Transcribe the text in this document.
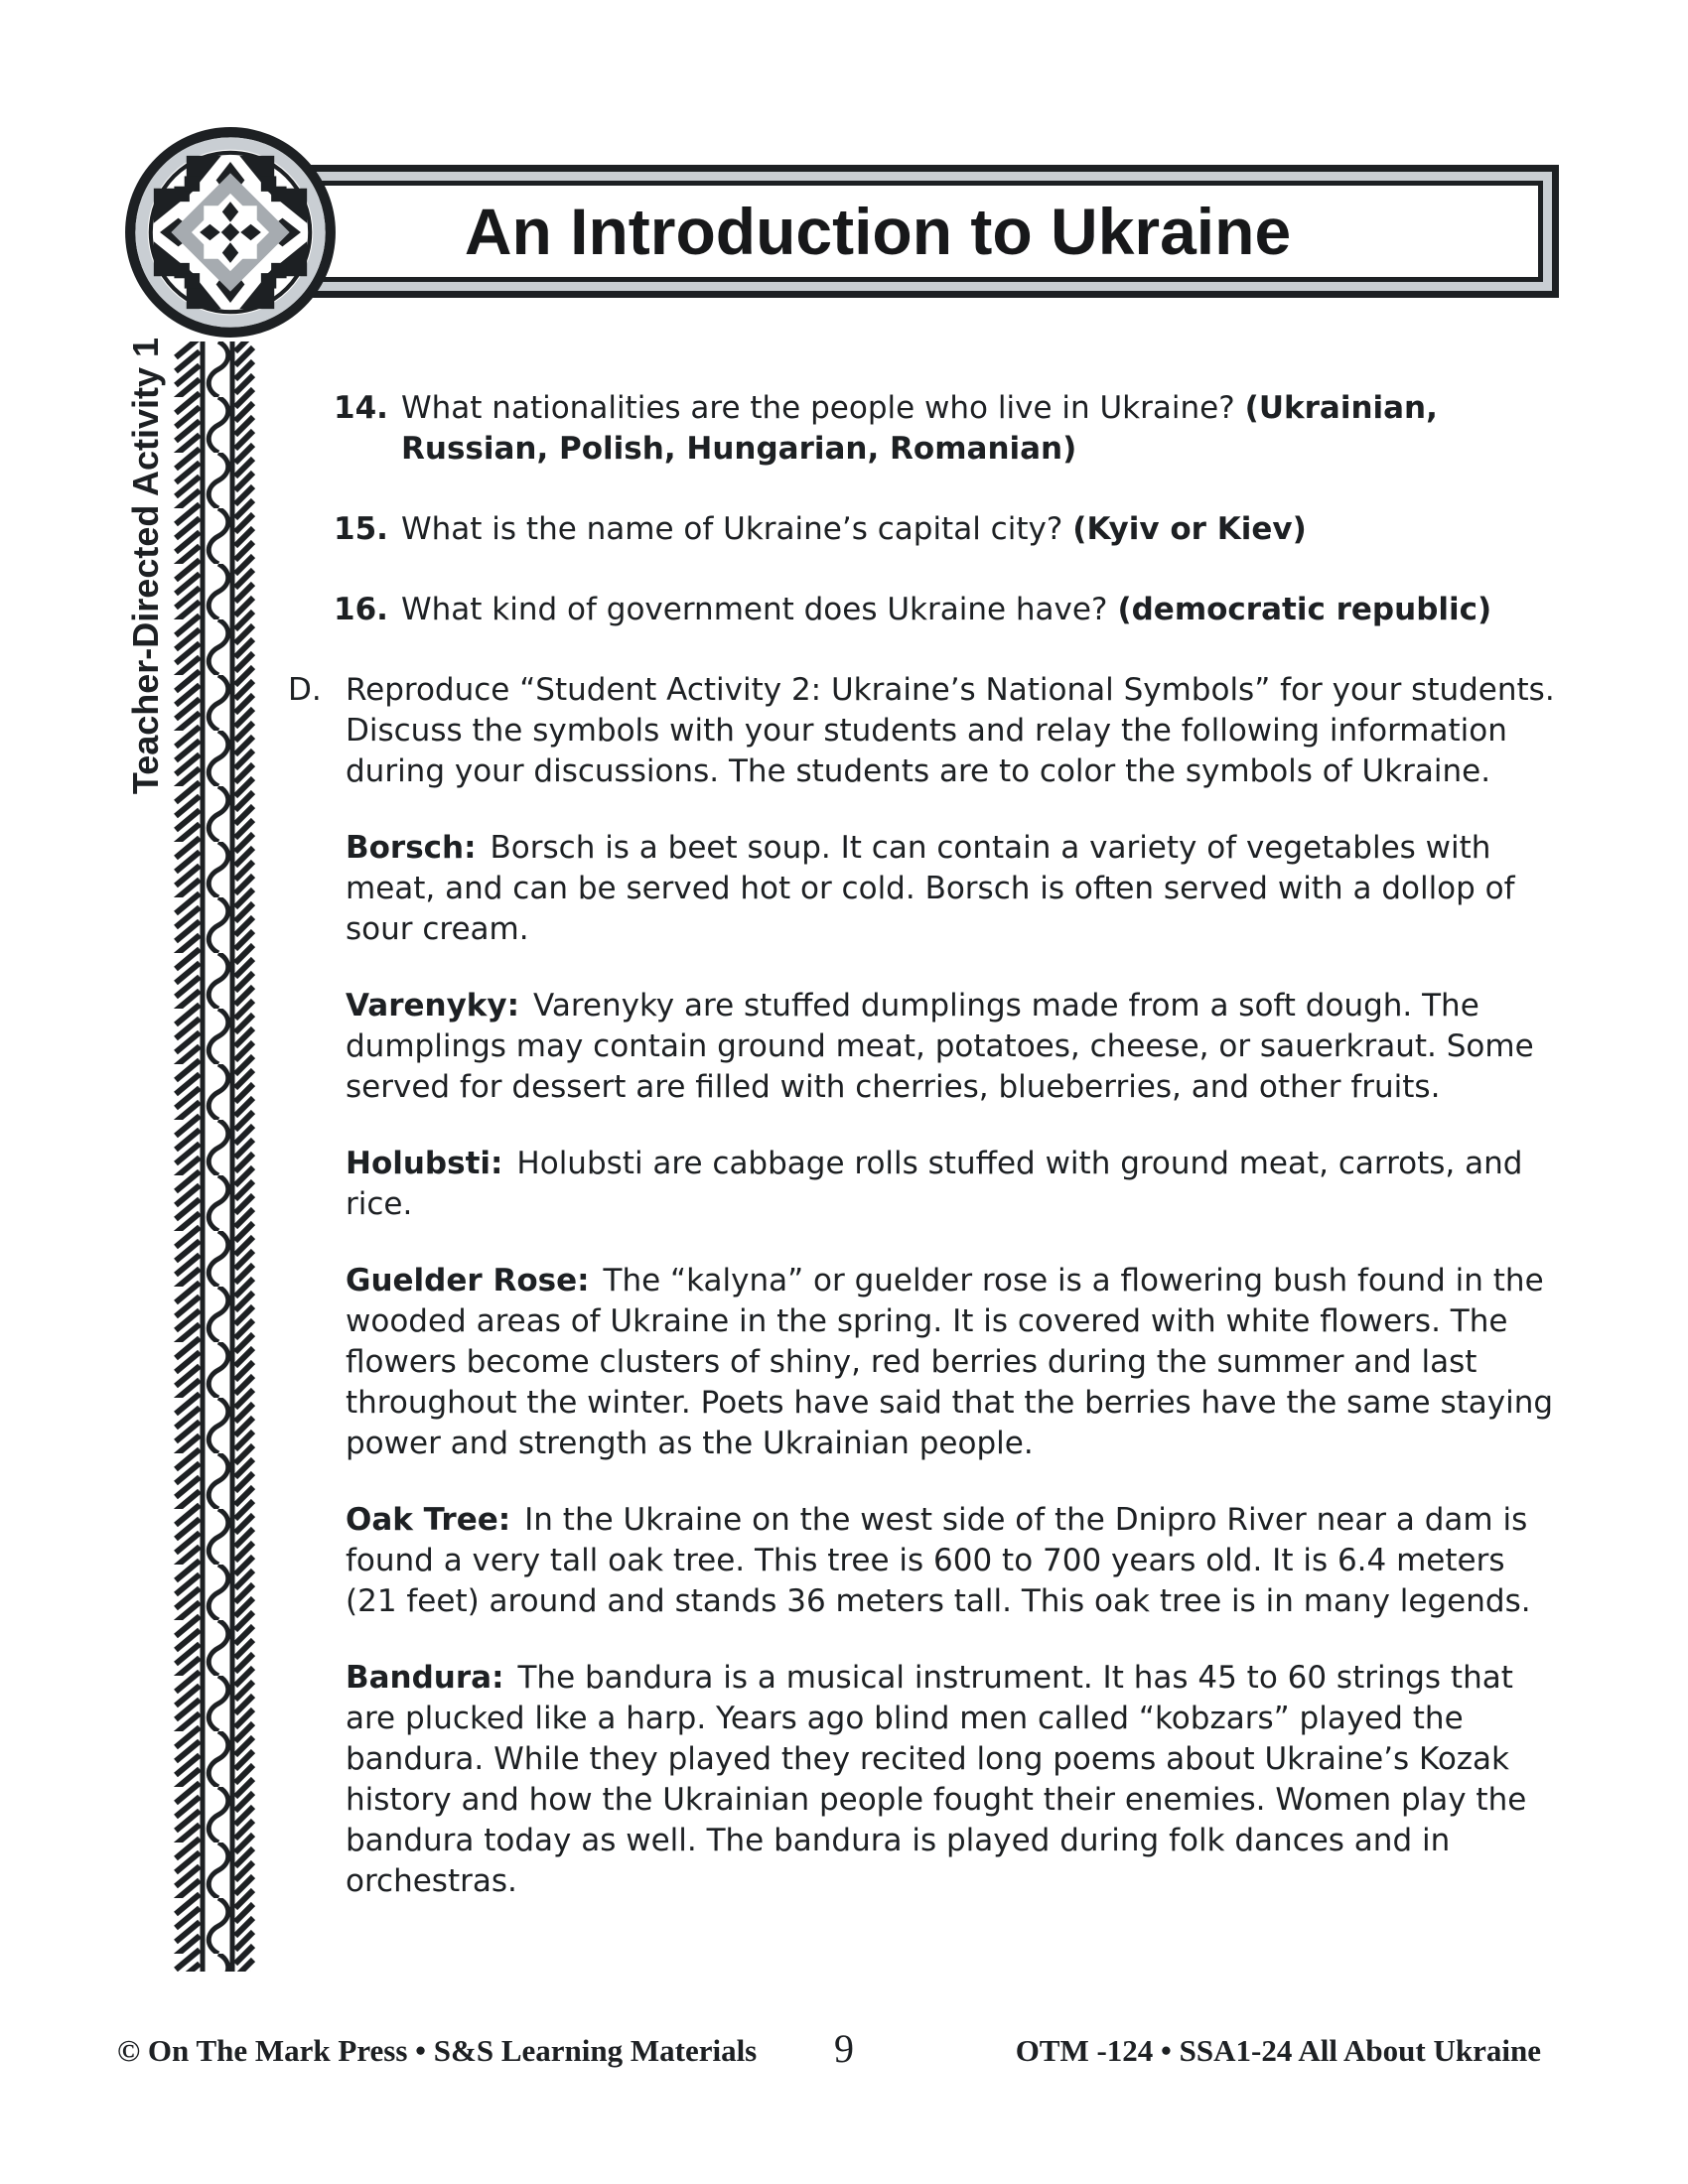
An Introduction to Ukraine
Teacher-Directed Activity 1	14. What nationalities are the people who live in Ukraine? (Ukrainian, Russian, Polish, Hungarian, Romanian)

15. What is the name of Ukraine’s capital city? (Kyiv or Kiev)

16. What kind of government does Ukraine have? (democratic republic)

D. Reproduce “Student Activity 2: Ukraine’s National Symbols” for your students. Discuss the symbols with your students and relay the following information during your discussions. The students are to color the symbols of Ukraine.

Borsch: Borsch is a beet soup. It can contain a variety of vegetables with meat, and can be served hot or cold. Borsch is often served with a dollop of sour cream.

Varenyky: Varenyky are stuffed dumplings made from a soft dough. The dumplings may contain ground meat, potatoes, cheese, or sauerkraut. Some served for dessert are filled with cherries, blueberries, and other fruits.

Holubsti: Holubsti are cabbage rolls stuffed with ground meat, carrots, and rice.

Guelder Rose: The “kalyna” or guelder rose is a flowering bush found in the wooded areas of Ukraine in the spring. It is covered with white flowers. The flowers become clusters of shiny, red berries during the summer and last throughout the winter. Poets have said that the berries have the same staying power and strength as the Ukrainian people.

Oak Tree: In the Ukraine on the west side of the Dnipro River near a dam is found a very tall oak tree. This tree is 600 to 700 years old. It is 6.4 meters (21 feet) around and stands 36 meters tall. This oak tree is in many legends.

Bandura: The bandura is a musical instrument. It has 45 to 60 strings that are plucked like a harp. Years ago blind men called “kobzars” played the bandura. While they played they recited long poems about Ukraine’s Kozak history and how the Ukrainian people fought their enemies. Women play the bandura today as well. The bandura is played during folk dances and in orchestras.

© On The Mark Press • S&S Learning Materials	9	OTM -124 • SSA1-24 All About Ukraine
